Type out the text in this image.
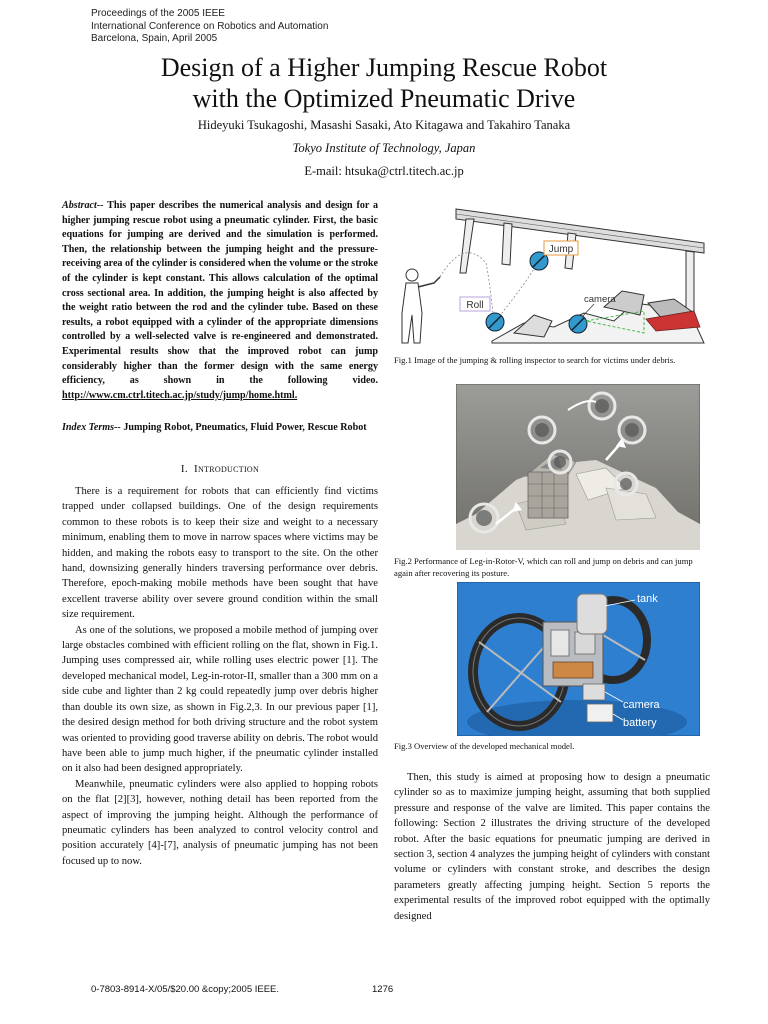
Proceedings of the 2005 IEEE
International Conference on Robotics and Automation
Barcelona, Spain, April 2005
Design of a Higher Jumping Rescue Robot
with the Optimized Pneumatic Drive
Hideyuki Tsukagoshi, Masashi Sasaki, Ato Kitagawa and Takahiro Tanaka
Tokyo Institute of Technology, Japan
E-mail: htsuka@ctrl.titech.ac.jp
Abstract-- This paper describes the numerical analysis and design for a higher jumping rescue robot using a pneumatic cylinder. First, the basic equations for jumping are derived and the simulation is performed. Then, the relationship between the jumping height and the pressure-receiving area of the cylinder is considered when the volume or the stroke of the cylinder is kept constant. This allows calculation of the optimal cross sectional area. In addition, the jumping height is also affected by the weight ratio between the rod and the cylinder tube. Based on these results, a robot equipped with a cylinder of the appropriate dimensions controlled by a well-selected valve is re-engineered and demonstrated. Experimental results show that the improved robot can jump considerably higher than the former design with the same energy efficiency, as shown in the following video. http://www.cm.ctrl.titech.ac.jp/study/jump/home.html.
Index Terms-- Jumping Robot, Pneumatics, Fluid Power, Rescue Robot
I. Introduction

There is a requirement for robots that can efficiently find victims trapped under collapsed buildings. One of the design requirements common to these robots is to keep their size and weight to a necessary minimum, enabling them to move in narrow spaces where victims may be hidden, and making the robots easy to transport to the site. On the other hand, downsizing generally hinders traversing performance over debris. Therefore, epoch-making mobile methods have been sought that have excellent traverse ability over severe ground condition within the small size requirement.

As one of the solutions, we proposed a mobile method of jumping over large obstacles combined with efficient rolling on the flat, shown in Fig.1. Jumping uses compressed air, while rolling uses electric power [1]. The developed mechanical model, Leg-in-rotor-II, smaller than a 300 mm on a side cube and lighter than 2 kg could repeatedly jump over debris higher than double its own size, as shown in Fig.2,3. In our previous paper [1], the desired design method for both driving structure and the robot system was oriented to providing good traverse ability on debris. The robot would have been able to jump much higher, if the pneumatic cylinder installed on it also had been designed appropriately.

Meanwhile, pneumatic cylinders were also applied to hopping robots on the flat [2][3], however, nothing detail has been reported from the aspect of improving the jumping height. Although the performance of pneumatic cylinders has been analyzed to control velocity control and position accurately [4]-[7], analysis of pneumatic jumping has not been focused up to now.

Jump
Roll
camera
Fig.1 Image of the jumping & rolling inspector to search for victims under debris.
Fig.2 Performance of Leg-in-Rotor-V, which can roll and jump on debris and can jump again after recovering its posture.
tank
camera
battery
Fig.3 Overview of the developed mechanical model.

Then, this study is aimed at proposing how to design a pneumatic cylinder so as to maximize jumping height, assuming that both supplied pressure and response of the valve are limited. This paper contains the following: Section 2 illustrates the driving structure of the developed robot. After the basic equations for pneumatic jumping are derived in section 3, section 4 analyzes the jumping height of cylinders with constant volume or cylinders with constant stroke, and describes the design parameters greatly affecting jumping height. Section 5 reports the experimental results of the improved robot equipped with the optimally designed

0-7803-8914-X/05/$20.00 &copy;2005 IEEE.	1276
